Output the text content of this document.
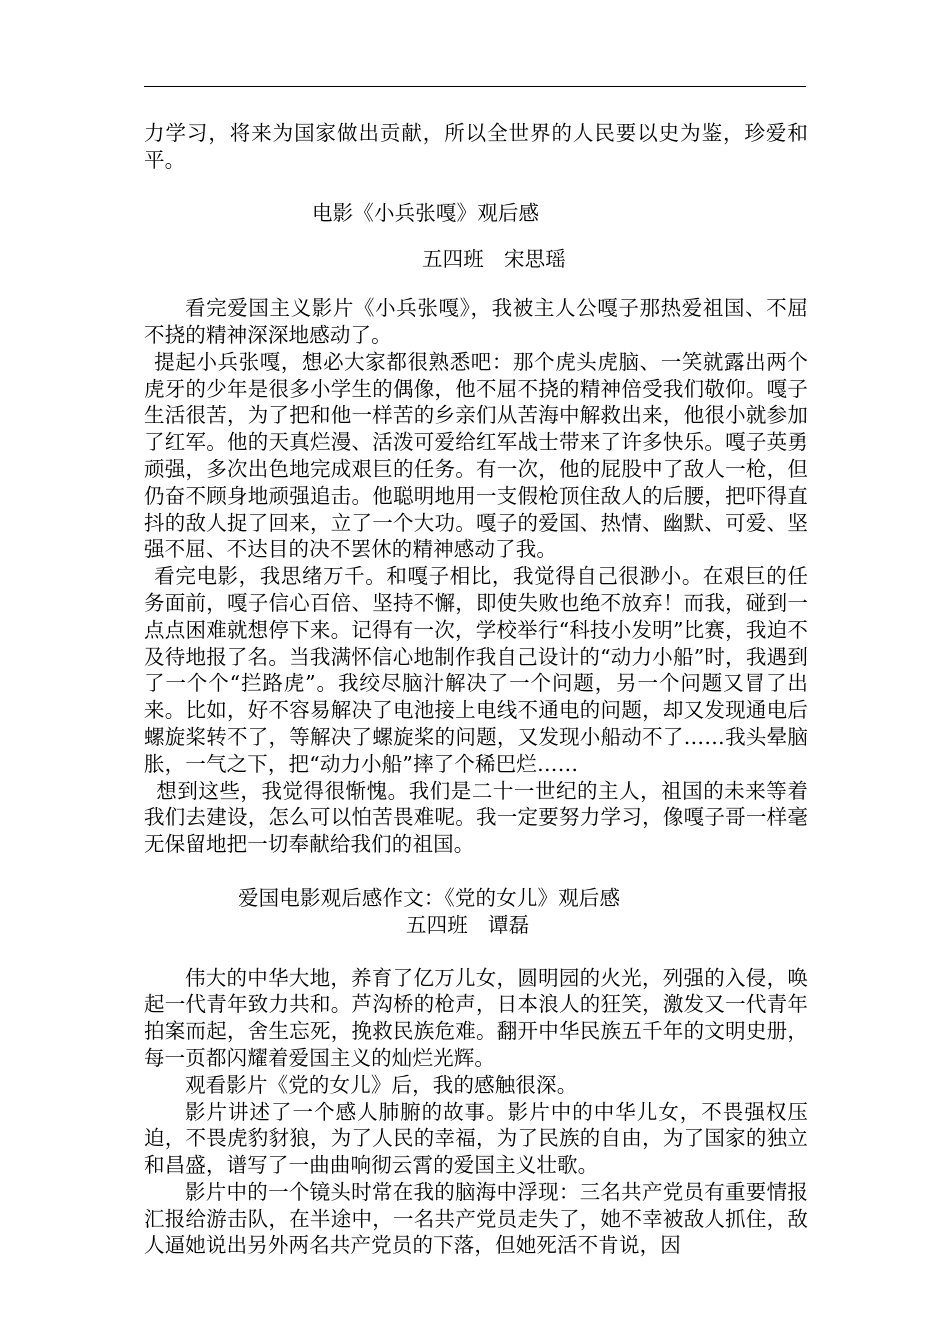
力学习，将来为国家做出贡献，所以全世界的人民要以史为鉴，珍爱和平。

电影《小兵张嘎》观后感

五四班   宋思瑶

看完爱国主义影片《小兵张嘎》，我被主人公嘎子那热爱祖国、不屈不挠的精神深深地感动了。

提起小兵张嘎，想必大家都很熟悉吧：那个虎头虎脑、一笑就露出两个虎牙的少年是很多小学生的偶像，他不屈不挠的精神倍受我们敬仰。嘎子生活很苦，为了把和他一样苦的乡亲们从苦海中解救出来，他很小就参加了红军。他的天真烂漫、活泼可爱给红军战士带来了许多快乐。嘎子英勇顽强，多次出色地完成艰巨的任务。有一次，他的屁股中了敌人一枪，但仍奋不顾身地顽强追击。他聪明地用一支假枪顶住敌人的后腰，把吓得直抖的敌人捉了回来，立了一个大功。嘎子的爱国、热情、幽默、可爱、坚强不屈、不达目的决不罢休的精神感动了我。

看完电影，我思绪万千。和嘎子相比，我觉得自己很渺小。在艰巨的任务面前，嘎子信心百倍、坚持不懈，即使失败也绝不放弃！而我，碰到一点点困难就想停下来。记得有一次，学校举行“科技小发明”比赛，我迫不及待地报了名。当我满怀信心地制作我自己设计的“动力小船”时，我遇到了一个个“拦路虎”。我绞尽脑汁解决了一个问题，另一个问题又冒了出来。比如，好不容易解决了电池接上电线不通电的问题，却又发现通电后螺旋桨转不了，等解决了螺旋桨的问题，又发现小船动不了……我头晕脑胀，一气之下，把“动力小船”摔了个稀巴烂……

想到这些，我觉得很惭愧。我们是二十一世纪的主人，祖国的未来等着我们去建设，怎么可以怕苦畏难呢。我一定要努力学习，像嘎子哥一样毫无保留地把一切奉献给我们的祖国。

爱国电影观后感作文：《党的女儿》观后感

五四班   谭磊

伟大的中华大地，养育了亿万儿女，圆明园的火光，列强的入侵，唤起一代青年致力共和。芦沟桥的枪声，日本浪人的狂笑，激发又一代青年拍案而起，舍生忘死，挽救民族危难。翻开中华民族五千年的文明史册，每一页都闪耀着爱国主义的灿烂光辉。

观看影片《党的女儿》后，我的感触很深。

影片讲述了一个感人肺腑的故事。影片中的中华儿女，不畏强权压迫，不畏虎豹豺狼，为了人民的幸福，为了民族的自由，为了国家的独立和昌盛，谱写了一曲曲响彻云霄的爱国主义壮歌。

影片中的一个镜头时常在我的脑海中浮现：三名共产党员有重要情报汇报给游击队，在半途中，一名共产党员走失了，她不幸被敌人抓住，敌人逼她说出另外两名共产党员的下落，但她死活不肯说，因
